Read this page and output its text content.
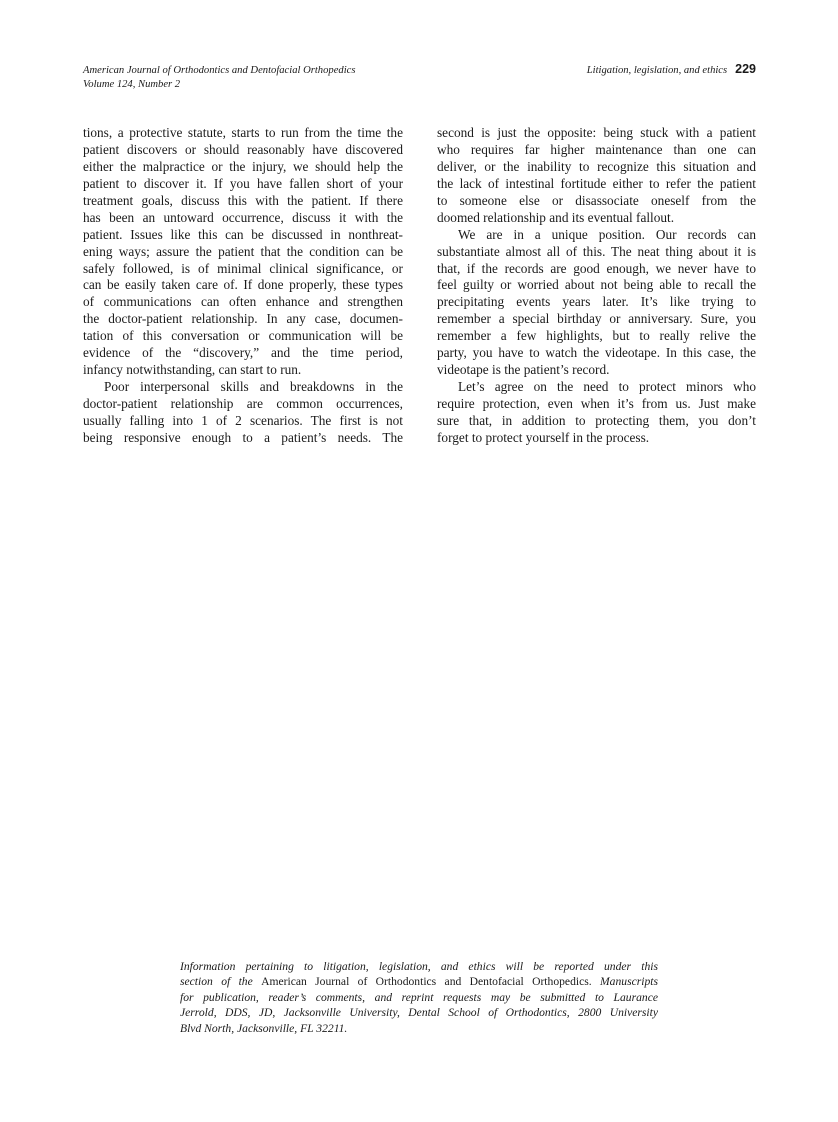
American Journal of Orthodontics and Dentofacial Orthopedics
Volume 124, Number 2
Litigation, legislation, and ethics 229
tions, a protective statute, starts to run from the time the
patient discovers or should reasonably have discovered
either the malpractice or the injury, we should help the
patient to discover it. If you have fallen short of your
treatment goals, discuss this with the patient. If there
has been an untoward occurrence, discuss it with the
patient. Issues like this can be discussed in nonthreat-
ening ways; assure the patient that the condition can be
safely followed, is of minimal clinical significance, or
can be easily taken care of. If done properly, these types
of communications can often enhance and strengthen
the doctor-patient relationship. In any case, documen-
tation of this conversation or communication will be
evidence of the “discovery,” and the time period,
infancy notwithstanding, can start to run.
Poor interpersonal skills and breakdowns in the
doctor-patient relationship are common occurrences,
usually falling into 1 of 2 scenarios. The first is not
being responsive enough to a patient’s needs. The
second is just the opposite: being stuck with a patient
who requires far higher maintenance than one can
deliver, or the inability to recognize this situation and
the lack of intestinal fortitude either to refer the patient
to someone else or disassociate oneself from the
doomed relationship and its eventual fallout.
We are in a unique position. Our records can
substantiate almost all of this. The neat thing about it is
that, if the records are good enough, we never have to
feel guilty or worried about not being able to recall the
precipitating events years later. It’s like trying to
remember a special birthday or anniversary. Sure, you
remember a few highlights, but to really relive the
party, you have to watch the videotape. In this case, the
videotape is the patient’s record.
Let’s agree on the need to protect minors who
require protection, even when it’s from us. Just make
sure that, in addition to protecting them, you don’t
forget to protect yourself in the process.
Information pertaining to litigation, legislation, and ethics will be reported under this
section of the American Journal of Orthodontics and Dentofacial Orthopedics. Manuscripts
for publication, reader’s comments, and reprint requests may be submitted to Laurance
Jerrold, DDS, JD, Jacksonville University, Dental School of Orthodontics, 2800 University
Blvd North, Jacksonville, FL 32211.
